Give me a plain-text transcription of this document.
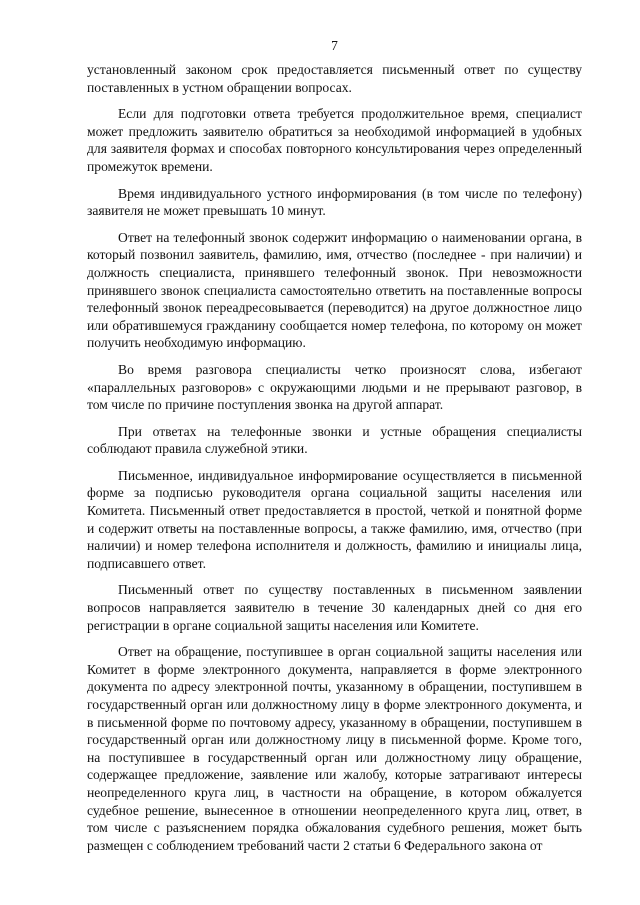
7

установленный законом срок предоставляется письменный ответ по существу поставленных в устном обращении вопросах.

Если для подготовки ответа требуется продолжительное время, специалист может предложить заявителю обратиться за необходимой информацией в удобных для заявителя формах и способах повторного консультирования через определенный промежуток времени.

Время индивидуального устного информирования (в том числе по телефону) заявителя не может превышать 10 минут.

Ответ на телефонный звонок содержит информацию о наименовании органа, в который позвонил заявитель, фамилию, имя, отчество (последнее - при наличии) и должность специалиста, принявшего телефонный звонок. При невозможности принявшего звонок специалиста самостоятельно ответить на поставленные вопросы телефонный звонок переадресовывается (переводится) на другое должностное лицо или обратившемуся гражданину сообщается номер телефона, по которому он может получить необходимую информацию.

Во время разговора специалисты четко произносят слова, избегают «параллельных разговоров» с окружающими людьми и не прерывают разговор, в том числе по причине поступления звонка на другой аппарат.

При ответах на телефонные звонки и устные обращения специалисты соблюдают правила служебной этики.

Письменное, индивидуальное информирование осуществляется в письменной форме за подписью руководителя органа социальной защиты населения или Комитета. Письменный ответ предоставляется в простой, четкой и понятной форме и содержит ответы на поставленные вопросы, а также фамилию, имя, отчество (при наличии) и номер телефона исполнителя и должность, фамилию и инициалы лица, подписавшего ответ.

Письменный ответ по существу поставленных в письменном заявлении вопросов направляется заявителю в течение 30 календарных дней со дня его регистрации в органе социальной защиты населения или Комитете.

Ответ на обращение, поступившее в орган социальной защиты населения или Комитет в форме электронного документа, направляется в форме электронного документа по адресу электронной почты, указанному в обращении, поступившем в государственный орган или должностному лицу в форме электронного документа, и в письменной форме по почтовому адресу, указанному в обращении, поступившем в государственный орган или должностному лицу в письменной форме. Кроме того, на поступившее в государственный орган или должностному лицу обращение, содержащее предложение, заявление или жалобу, которые затрагивают интересы неопределенного круга лиц, в частности на обращение, в котором обжалуется судебное решение, вынесенное в отношении неопределенного круга лиц, ответ, в том числе с разъяснением порядка обжалования судебного решения, может быть размещен с соблюдением требований части 2 статьи 6 Федерального закона от
